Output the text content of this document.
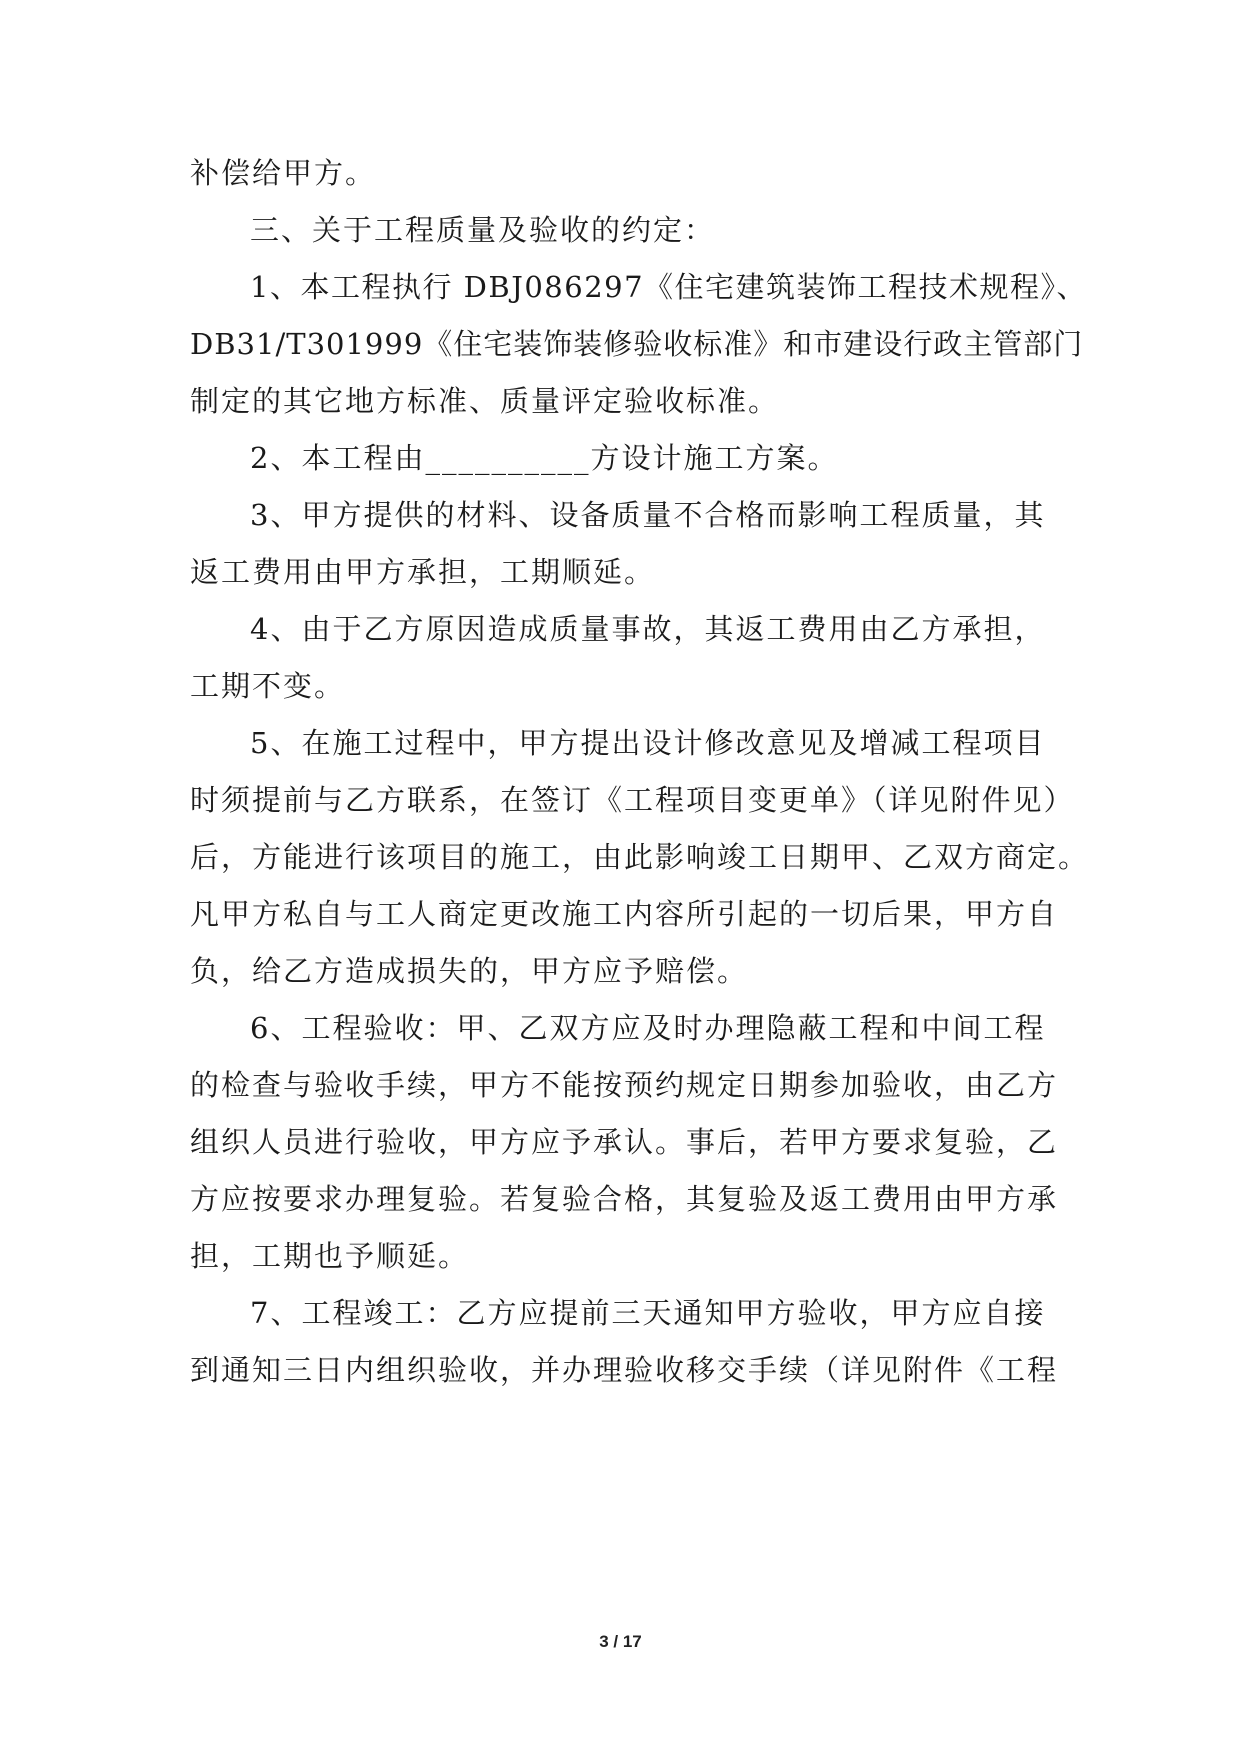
补偿给甲方。
三、关于工程质量及验收的约定：
1、本工程执行 DBJ086297《住宅建筑装饰工程技术规程》、
DB31/T301999《住宅装饰装修验收标准》和市建设行政主管部门
制定的其它地方标准、质量评定验收标准。
2、本工程由__________方设计施工方案。
3、甲方提供的材料、设备质量不合格而影响工程质量，其
返工费用由甲方承担，工期顺延。
4、由于乙方原因造成质量事故，其返工费用由乙方承担，
工期不变。
5、在施工过程中，甲方提出设计修改意见及增减工程项目
时须提前与乙方联系，在签订《工程项目变更单》（详见附件见）
后，方能进行该项目的施工，由此影响竣工日期甲、乙双方商定。
凡甲方私自与工人商定更改施工内容所引起的一切后果，甲方自
负，给乙方造成损失的，甲方应予赔偿。
6、工程验收：甲、乙双方应及时办理隐蔽工程和中间工程
的检查与验收手续，甲方不能按预约规定日期参加验收，由乙方
组织人员进行验收，甲方应予承认。事后，若甲方要求复验，乙
方应按要求办理复验。若复验合格，其复验及返工费用由甲方承
担，工期也予顺延。
7、工程竣工：乙方应提前三天通知甲方验收，甲方应自接
到通知三日内组织验收，并办理验收移交手续（详见附件《工程
3 / 17
